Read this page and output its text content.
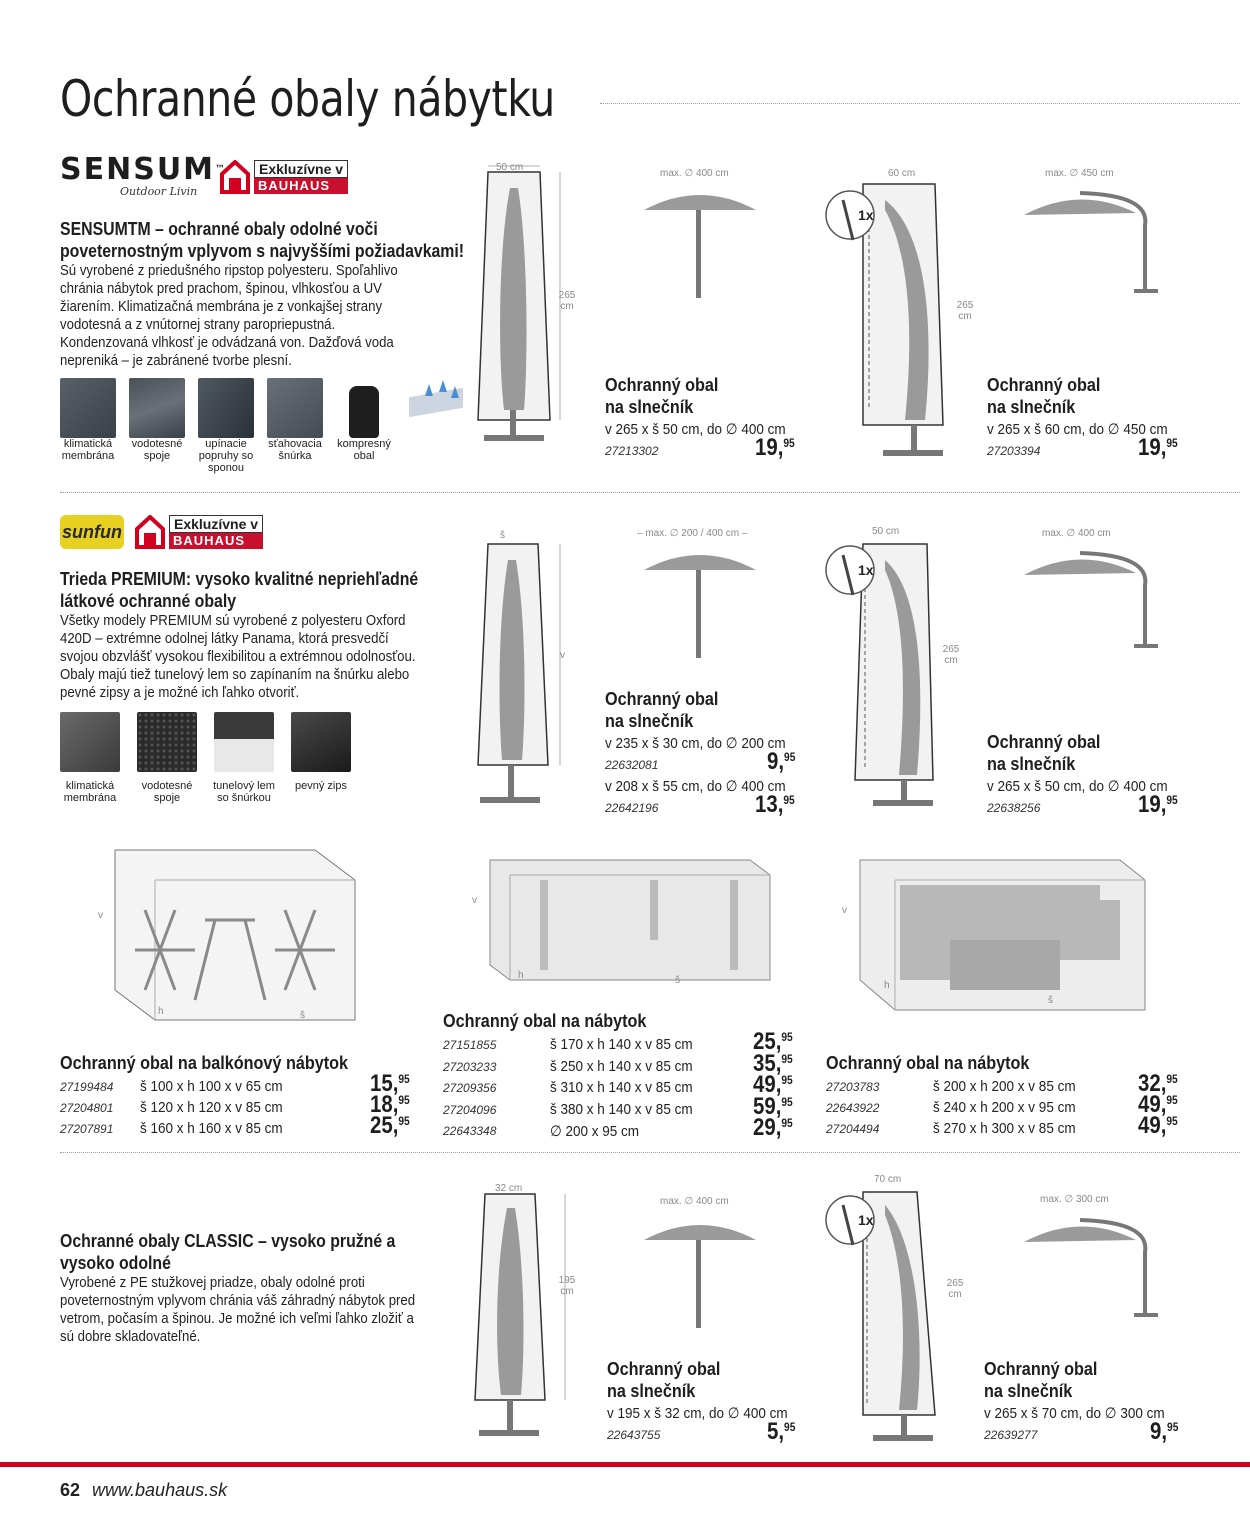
Ochranné obaly nábytku
SENSUM™
Outdoor Livin
Exkluzívne v
BAUHAUS
SENSUMTM – ochranné obaly odolné voči poveternostným vplyvom s najvyššími požiadavkami!
Sú vyrobené z priedušného ripstop polyesteru. Spoľahlivo chránia nábytok pred prachom, špinou, vlhkosťou a UV žiarením. Klimatizačná membrána je z vonkajšej strany vodotesná a z vnútornej strany paropriepustná. Kondenzovaná vlhkosť je odvádzaná von. Dažďová voda nepreniká – je zabránené tvorbe plesní.
klimatická membrána
vodotesné spoje
upínacie popruhy so sponou
sťahovacia šnúrka
kompresný obal
50 cm
265 cm
max. ∅ 400 cm
Ochranný obal
na slnečník
v 265 x š 50 cm, do ∅ 400 cm
27213302	19,95
1x
60 cm
265 cm
max. ∅ 450 cm
Ochranný obal
na slnečník
v 265 x š 60 cm, do ∅ 450 cm
27203394	19,95
sunfun	Exkluzívne v
BAUHAUS
Trieda PREMIUM: vysoko kvalitné nepriehľadné látkové ochranné obaly
Všetky modely PREMIUM sú vyrobené z polyesteru Oxford 420D – extrémne odolnej látky Panama, ktorá presvedčí svojou obzvlášť vysokou flexibilitou a extrémnou odolnosťou. Obaly majú tiež tunelový lem so zapínaním na šnúrku alebo pevné zipsy a je možné ich ľahko otvoriť.
klimatická membrána
vodotesné spoje
tunelový lem so šnúrkou
pevný zips
š
v
– max. ∅ 200 / 400 cm –
Ochranný obal
na slnečník
v 235 x š 30 cm, do ∅ 200 cm
22632081	9,95
v 208 x š 55 cm, do ∅ 400 cm
22642196	13,95
1x
50 cm
265 cm
max. ∅ 400 cm
Ochranný obal
na slnečník
v 265 x š 50 cm, do ∅ 400 cm
22638256	19,95
v
h	š
Ochranný obal na balkónový nábytok
27199484 š 100 x h 100 x v 65 cm	15,95
27204801 š 120 x h 120 x v 85 cm	18,95
27207891 š 160 x h 160 x v 85 cm	25,95
v
h	š
Ochranný obal na nábytok
27151855	š 170 x h 140 x v 85 cm	25,95
27203233	š 250 x h 140 x v 85 cm	35,95
27209356	š 310 x h 140 x v 85 cm	49,95
27204096	š 380 x h 140 x v 85 cm	59,95
22643348	∅ 200 x 95 cm	29,95
v
h
š
Ochranný obal na nábytok
27203783	š 200 x h 200 x v 85 cm	32,95
22643922	š 240 x h 200 x v 95 cm	49,95
27204494	š 270 x h 300 x v 85 cm	49,95
Ochranné obaly CLASSIC – vysoko pružné a vysoko odolné
Vyrobené z PE stužkovej priadze, obaly odolné proti poveternostným vplyvom chránia váš záhradný nábytok pred vetrom, počasím a špinou. Je možné ich veľmi ľahko zložiť a sú dobre skladovateľné.
32 cm
195 cm
max. ∅ 400 cm
Ochranný obal
na slnečník
v 195 x š 32 cm, do ∅ 400 cm
22643755	5,95
1x
70 cm
265 cm
max. ∅ 300 cm
Ochranný obal
na slnečník
v 265 x š 70 cm, do ∅ 300 cm
22639277	9,95
62 www.bauhaus.sk
